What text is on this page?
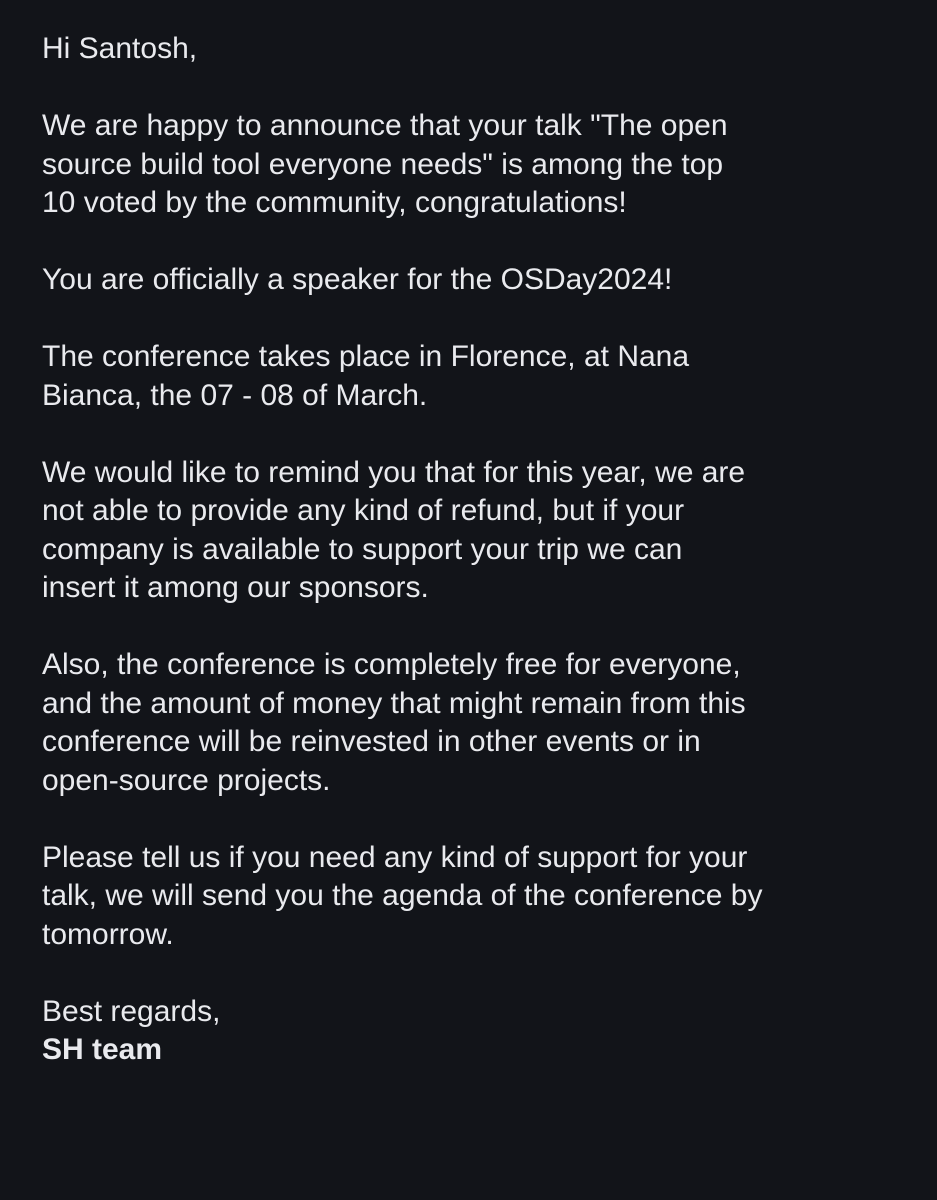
Hi Santosh,

We are happy to announce that your talk "The open
source build tool everyone needs" is among the top
10 voted by the community, congratulations!

You are officially a speaker for the OSDay2024!

The conference takes place in Florence, at Nana
Bianca, the 07 - 08 of March.

We would like to remind you that for this year, we are
not able to provide any kind of refund, but if your
company is available to support your trip we can
insert it among our sponsors.

Also, the conference is completely free for everyone,
and the amount of money that might remain from this
conference will be reinvested in other events or in
open-source projects.

Please tell us if you need any kind of support for your
talk, we will send you the agenda of the conference by
tomorrow.

Best regards,
SH team
